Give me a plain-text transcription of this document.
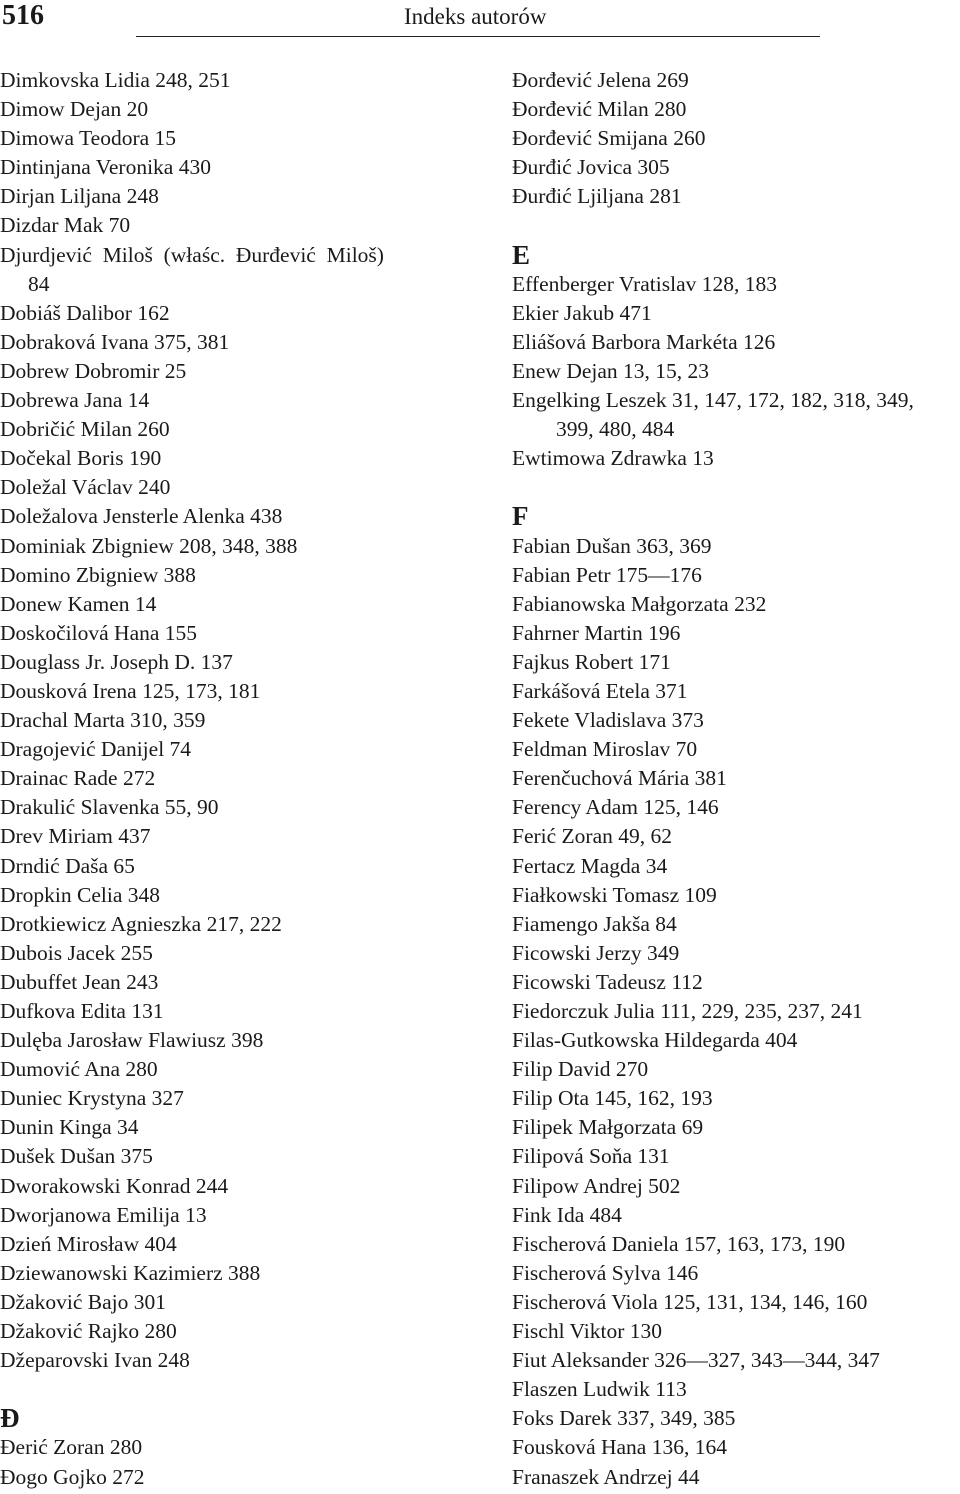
516	Indeks autorów
Dimkovska Lidia 248, 251
Dimow Dejan 20
Dimowa Teodora 15
Dintinjana Veronika 430
Dirjan Liljana 248
Dizdar Mak 70
Djurdjević  Miloš  (właśc.  Đurđević  Miloš)
84
Dobiáš Dalibor 162
Dobraková Ivana 375, 381
Dobrew Dobromir 25
Dobrewa Jana 14
Dobričić Milan 260
Dočekal Boris 190
Doležal Václav 240
Doležalova Jensterle Alenka 438
Dominiak Zbigniew 208, 348, 388
Domino Zbigniew 388
Donew Kamen 14
Doskočilová Hana 155
Douglass Jr. Joseph D. 137
Dousková Irena 125, 173, 181
Drachal Marta 310, 359
Dragojević Danijel 74
Drainac Rade 272
Drakulić Slavenka 55, 90
Drev Miriam 437
Drndić Daša 65
Dropkin Celia 348
Drotkiewicz Agnieszka 217, 222
Dubois Jacek 255
Dubuffet Jean 243
Dufkova Edita 131
Dulęba Jarosław Flawiusz 398
Dumović Ana 280
Duniec Krystyna 327
Dunin Kinga 34
Dušek Dušan 375
Dworakowski Konrad 244
Dworjanowa Emilija 13
Dzień Mirosław 404
Dziewanowski Kazimierz 388
Džaković Bajo 301
Džaković Rajko 280
Džeparovski Ivan 248
Đ
Đerić Zoran 280
Đogo Gojko 272
Đorđević Jelena 269
Đorđević Milan 280
Đorđević Smijana 260
Đurđić Jovica 305
Đurđić Ljiljana 281
E
Effenberger Vratislav 128, 183
Ekier Jakub 471
Eliášová Barbora Markéta 126
Enew Dejan 13, 15, 23
Engelking Leszek 31, 147, 172, 182, 318, 349,
399, 480, 484
Ewtimowa Zdrawka 13
F
Fabian Dušan 363, 369
Fabian Petr 175—176
Fabianowska Małgorzata 232
Fahrner Martin 196
Fajkus Robert 171
Farkášová Etela 371
Fekete Vladislava 373
Feldman Miroslav 70
Ferenčuchová Mária 381
Ferency Adam 125, 146
Ferić Zoran 49, 62
Fertacz Magda 34
Fiałkowski Tomasz 109
Fiamengo Jakša 84
Ficowski Jerzy 349
Ficowski Tadeusz 112
Fiedorczuk Julia 111, 229, 235, 237, 241
Filas-Gutkowska Hildegarda 404
Filip David 270
Filip Ota 145, 162, 193
Filipek Małgorzata 69
Filipová Soňa 131
Filipow Andrej 502
Fink Ida 484
Fischerová Daniela 157, 163, 173, 190
Fischerová Sylva 146
Fischerová Viola 125, 131, 134, 146, 160
Fischl Viktor 130
Fiut Aleksander 326—327, 343—344, 347
Flaszen Ludwik 113
Foks Darek 337, 349, 385
Fousková Hana 136, 164
Franaszek Andrzej 44
